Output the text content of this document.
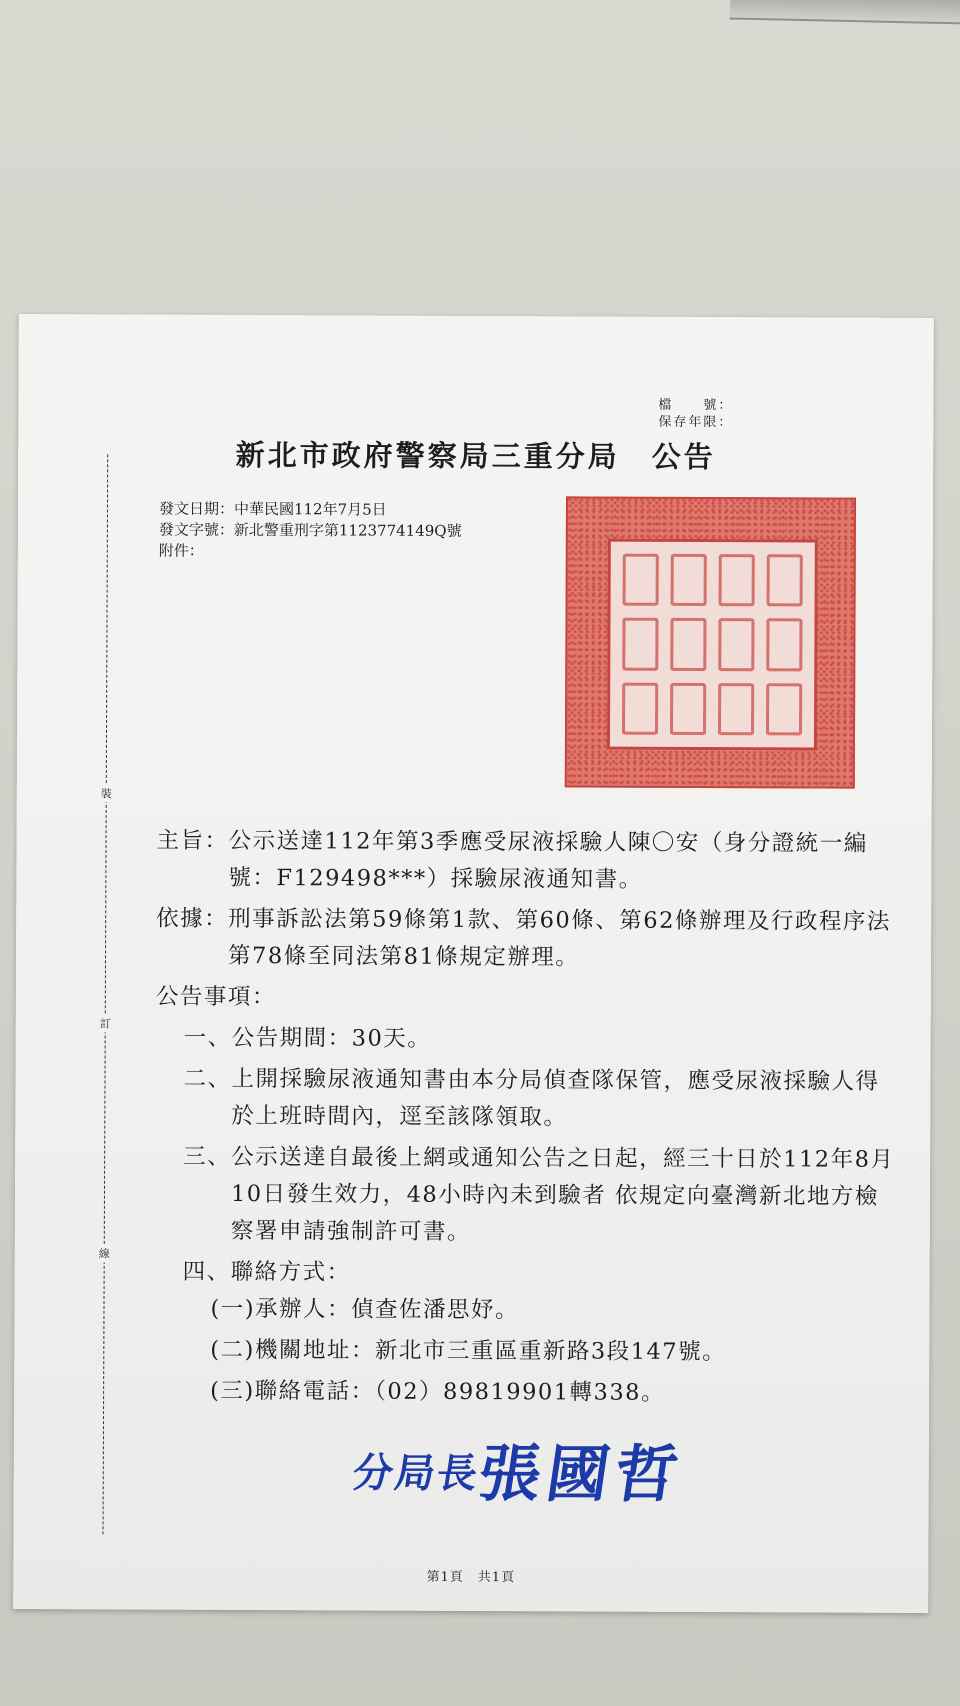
裝
訂
線
檔　　號：
保存年限：
新北市政府警察局三重分局　公告
發文日期：中華民國112年7月5日
發文字號：新北警重刑字第1123774149Q號
附件：
主旨： 公示送達112年第3季應受尿液採驗人陳〇安（身分證統一編號：F129498***）採驗尿液通知書。
依據： 刑事訴訟法第59條第1款、第60條、第62條辦理及行政程序法第78條至同法第81條規定辦理。
公告事項：
一、 公告期間：30天。
二、 上開採驗尿液通知書由本分局偵查隊保管，應受尿液採驗人得於上班時間內，逕至該隊領取。
三、 公示送達自最後上網或通知公告之日起，經三十日於112年8月10日發生效力，48小時內未到驗者 依規定向臺灣新北地方檢察署申請強制許可書。
四、 聯絡方式：
(一)承辦人：偵查佐潘思妤。
(二)機關地址：新北市三重區重新路3段147號。
(三)聯絡電話：（02）89819901轉338。
分局長張國哲
第1頁　共1頁
